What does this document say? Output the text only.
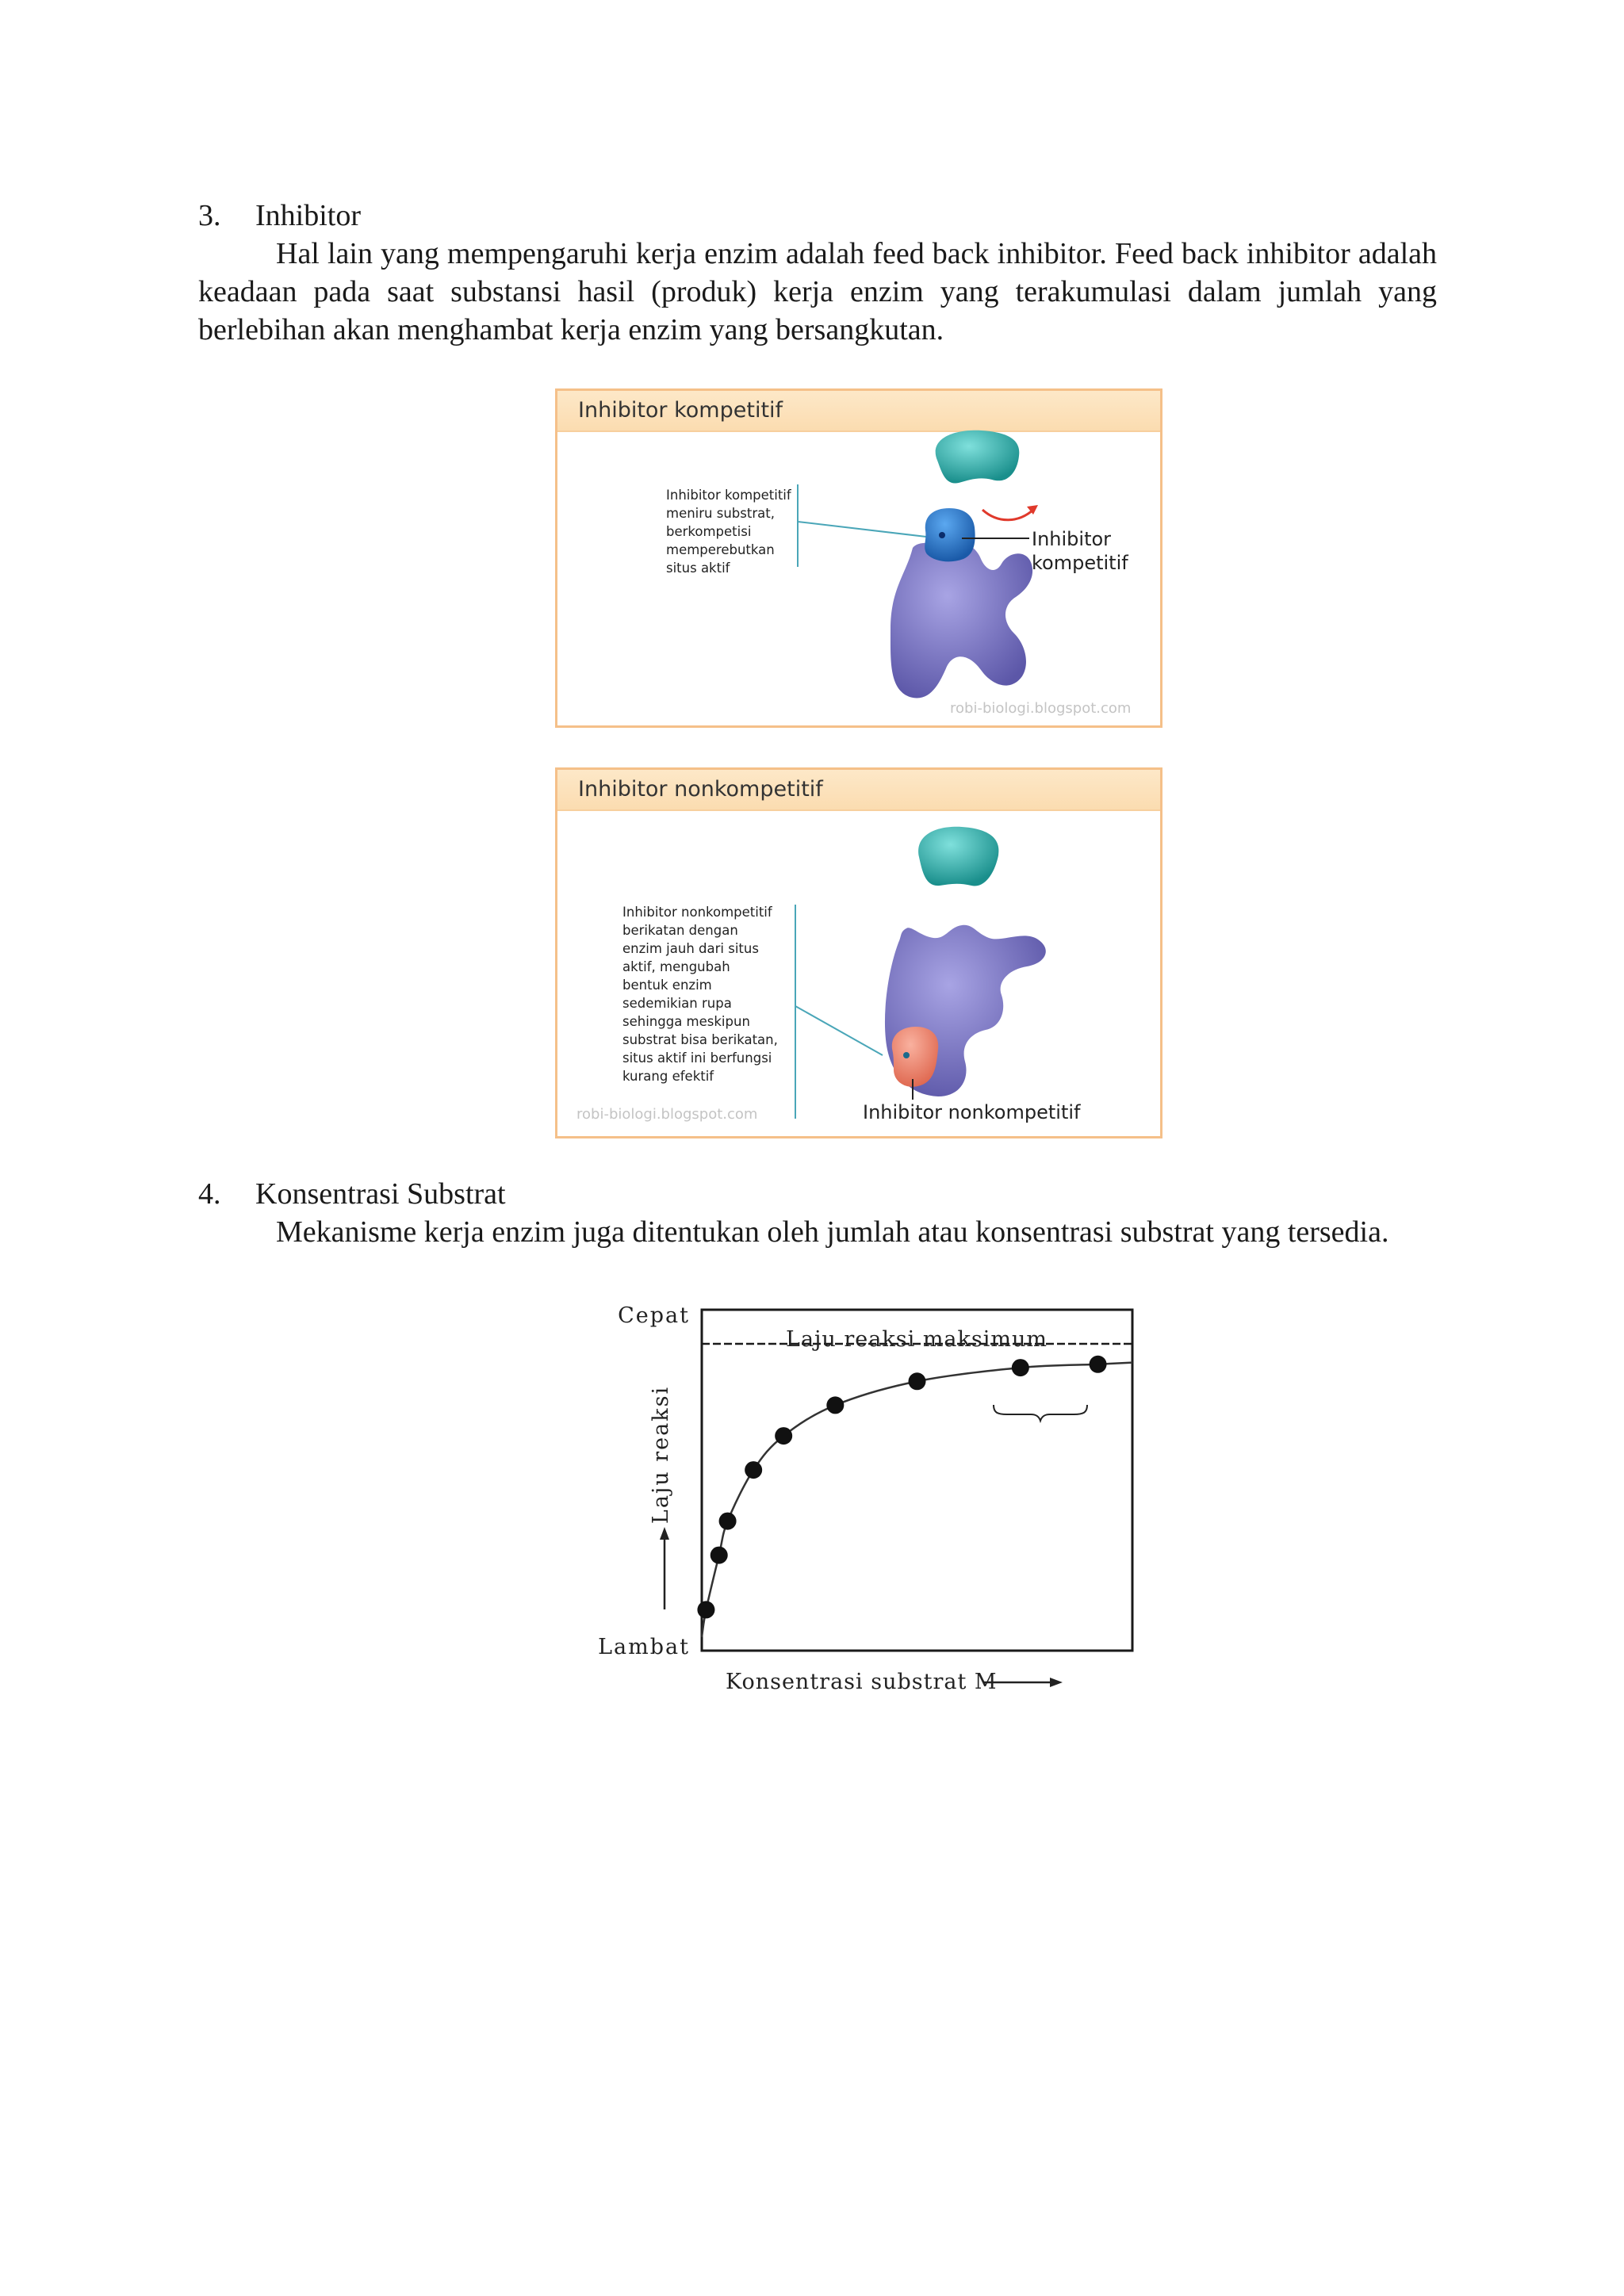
3. Inhibitor

Hal lain yang mempengaruhi kerja enzim adalah feed back inhibitor. Feed back inhibitor adalah keadaan pada saat substansi hasil (produk) kerja enzim yang terakumulasi dalam jumlah yang berlebihan akan menghambat kerja enzim yang bersangkutan.

Inhibitor kompetitif
Inhibitor kompetitif
meniru substrat,
berkompetisi
memperebutkan
situs aktif
Inhibitor
kompetitif
robi-biologi.blogspot.com
Inhibitor nonkompetitif
Inhibitor nonkompetitif
berikatan dengan
enzim jauh dari situs
aktif, mengubah
bentuk enzim
sedemikian rupa
sehingga meskipun
substrat bisa berikatan,
situs aktif ini berfungsi
kurang efektif
Inhibitor nonkompetitif
robi-biologi.blogspot.com
4. Konsentrasi Substrat

Mekanisme kerja enzim juga ditentukan oleh jumlah atau konsentrasi substrat yang tersedia.

Laju reaksi maksimum
Cepat
Lambat
Laju reaksi
Konsentrasi substrat M
